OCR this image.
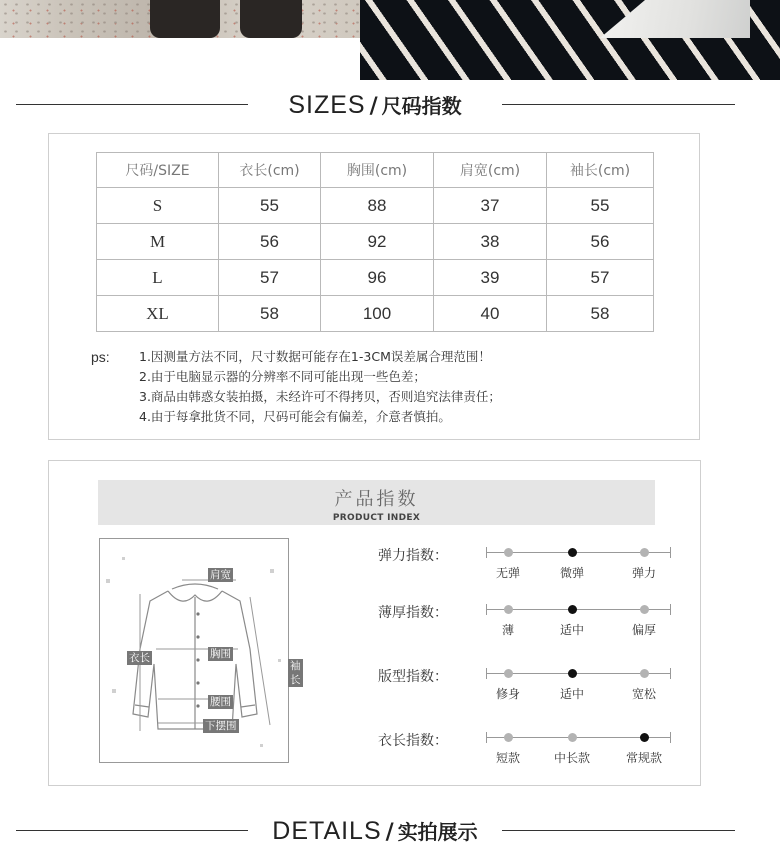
SIZES / 尺码指数
尺码/SIZE	衣长(cm)	胸围(cm)	肩宽(cm)	袖长(cm)
S	55	88	37	55
M	56	92	38	56
L	57	96	39	57
XL	58	100	40	58
ps: 1.因测量方法不同，尺寸数据可能存在1-3CM误差属合理范围！
2.由于电脑显示器的分辨率不同可能出现一些色差；
3.商品由韩惑女装拍摄，未经许可不得拷贝，否则追究法律责任；
4.由于每拿批货不同，尺码可能会有偏差，介意者慎拍。
产品指数
PRODUCT INDEX
肩宽
衣长	胸围
袖长
腰围
下摆围
弹力指数：
无弹	微弹	弹力
薄厚指数：
薄	适中	偏厚
版型指数：
修身	适中	宽松
衣长指数：
短款	中长款	常规款
DETAILS / 实拍展示
